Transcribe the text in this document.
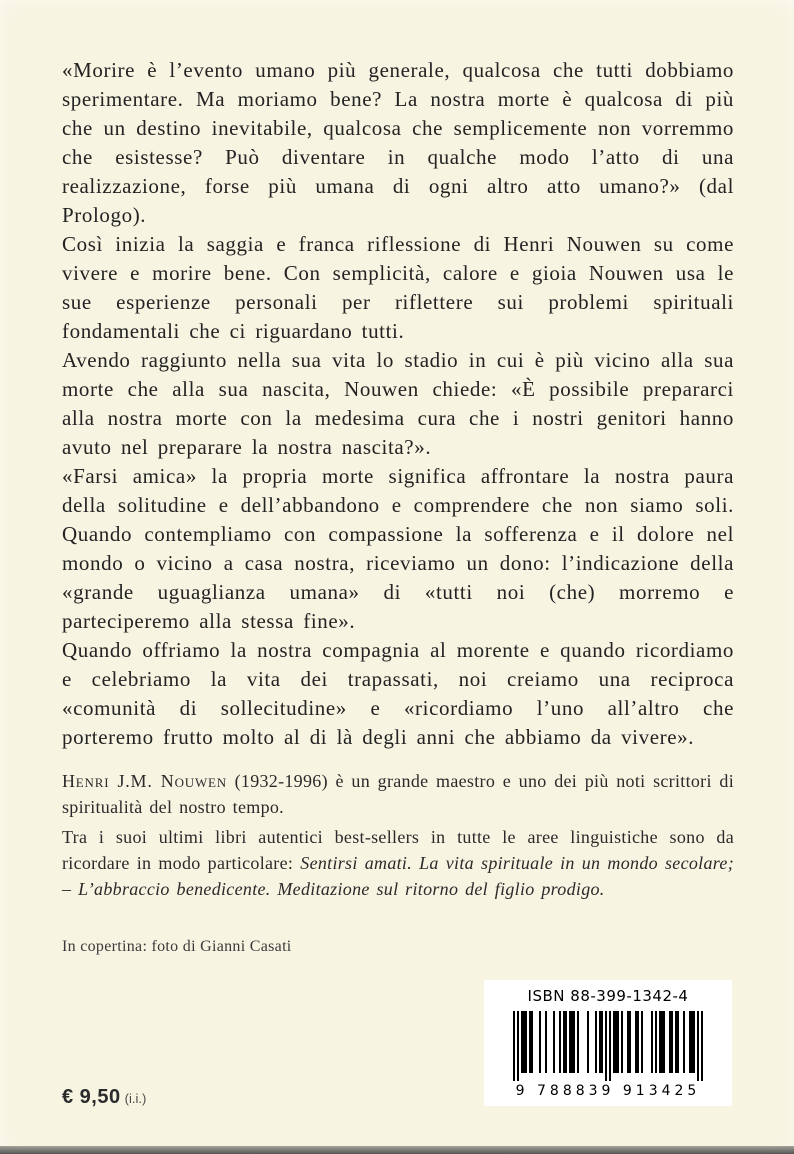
«Morire è l’evento umano più generale, qualcosa che tutti dobbiamo sperimentare. Ma moriamo bene? La nostra morte è qualcosa di più che un destino inevitabile, qualcosa che semplicemente non vorremmo che esistesse? Può diventare in qualche modo l’atto di una realizzazione, forse più umana di ogni altro atto umano?» (dal Prologo).

Così inizia la saggia e franca riflessione di Henri Nouwen su come vivere e morire bene. Con semplicità, calore e gioia Nouwen usa le sue esperienze personali per riflettere sui problemi spirituali fondamentali che ci riguardano tutti.

Avendo raggiunto nella sua vita lo stadio in cui è più vicino alla sua morte che alla sua nascita, Nouwen chiede: «È possibile prepararci alla nostra morte con la medesima cura che i nostri genitori hanno avuto nel preparare la nostra nascita?».

«Farsi amica» la propria morte significa affrontare la nostra paura della solitudine e dell’abbandono e comprendere che non siamo soli. Quando contempliamo con compassione la sofferenza e il dolore nel mondo o vicino a casa nostra, riceviamo un dono: l’indicazione della «grande uguaglianza umana» di «tutti noi (che) morremo e parteciperemo alla stessa fine».

Quando offriamo la nostra compagnia al morente e quando ricordiamo e celebriamo la vita dei trapassati, noi creiamo una reciproca «comunità di sollecitudine» e «ricordiamo l’uno all’altro che porteremo frutto molto al di là degli anni che abbiamo da vivere».

Henri J.M. Nouwen (1932-1996) è un grande maestro e uno dei più noti scrittori di spiritualità del nostro tempo.

Tra i suoi ultimi libri autentici best-sellers in tutte le aree linguistiche sono da ricordare in modo particolare: Sentirsi amati. La vita spirituale in un mondo secolare; – L’abbraccio benedicente. Meditazione sul ritorno del figlio prodigo.

In copertina: foto di Gianni Casati

ISBN 88-399-1342-4
9 788839 913425
€ 9,50 (i.i.)
